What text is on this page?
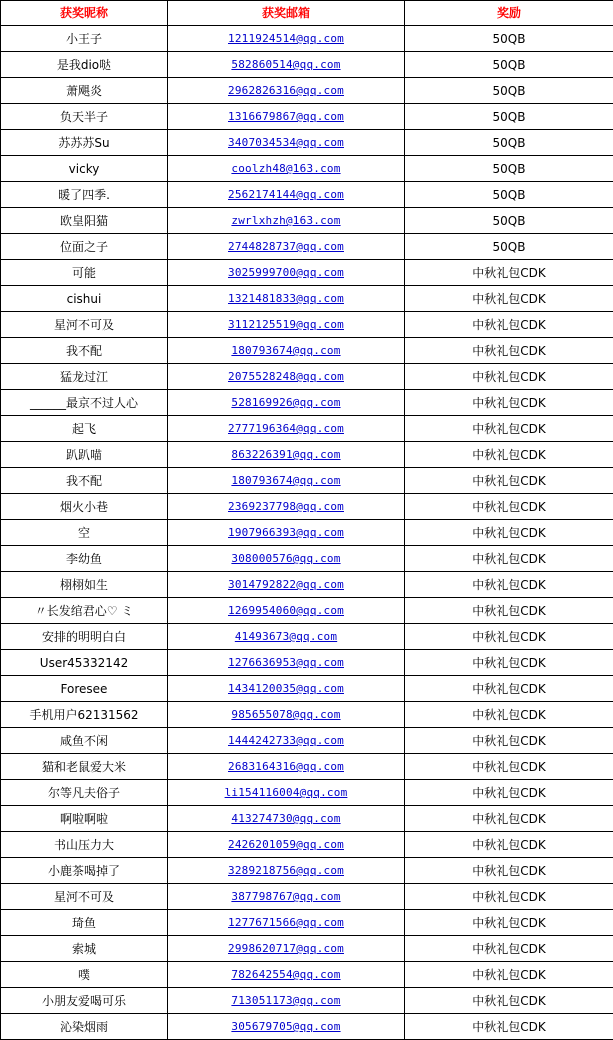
获奖昵称	获奖邮箱	奖励
小王子	1211924514@qq.com	50QB
是我dio哒	582860514@qq.com	50QB
萧飓炎	2962826316@qq.com	50QB
负天半子	1316679867@qq.com	50QB
苏苏苏Su	3407034534@qq.com	50QB
vicky	coolzh48@163.com	50QB
暖了四季.	2562174144@qq.com	50QB
欧皇阳猫	zwrlxhzh@163.com	50QB
位面之子	2744828737@qq.com	50QB
可能	3025999700@qq.com	中秋礼包CDK
cishui	1321481833@qq.com	中秋礼包CDK
星河不可及	3112125519@qq.com	中秋礼包CDK
我不配	180793674@qq.com	中秋礼包CDK
猛龙过江	2075528248@qq.com	中秋礼包CDK
______最京不过人心	528169926@qq.com	中秋礼包CDK
起飞	2777196364@qq.com	中秋礼包CDK
趴趴喵	863226391@qq.com	中秋礼包CDK
我不配	180793674@qq.com	中秋礼包CDK
烟火小巷	2369237798@qq.com	中秋礼包CDK
空	1907966393@qq.com	中秋礼包CDK
李幼鱼	308000576@qq.com	中秋礼包CDK
栩栩如生	3014792822@qq.com	中秋礼包CDK
〃长发绾君心♡ ミ	1269954060@qq.com	中秋礼包CDK
安排的明明白白	41493673@qq.com	中秋礼包CDK
User45332142	1276636953@qq.com	中秋礼包CDK
Foresee	1434120035@qq.com	中秋礼包CDK
手机用户62131562	985655078@qq.com	中秋礼包CDK
咸鱼不闲	1444242733@qq.com	中秋礼包CDK
猫和老鼠爱大米	2683164316@qq.com	中秋礼包CDK
尔等凡夫俗子	li154116004@qq.com	中秋礼包CDK
啊啦啊啦	413274730@qq.com	中秋礼包CDK
书山压力大	2426201059@qq.com	中秋礼包CDK
小鹿茶喝掉了	3289218756@qq.com	中秋礼包CDK
星河不可及	387798767@qq.com	中秋礼包CDK
琦鱼	1277671566@qq.com	中秋礼包CDK
索城	2998620717@qq.com	中秋礼包CDK
噗	782642554@qq.com	中秋礼包CDK
小朋友爱喝可乐	713051173@qq.com	中秋礼包CDK
沁染烟雨	305679705@qq.com	中秋礼包CDK
